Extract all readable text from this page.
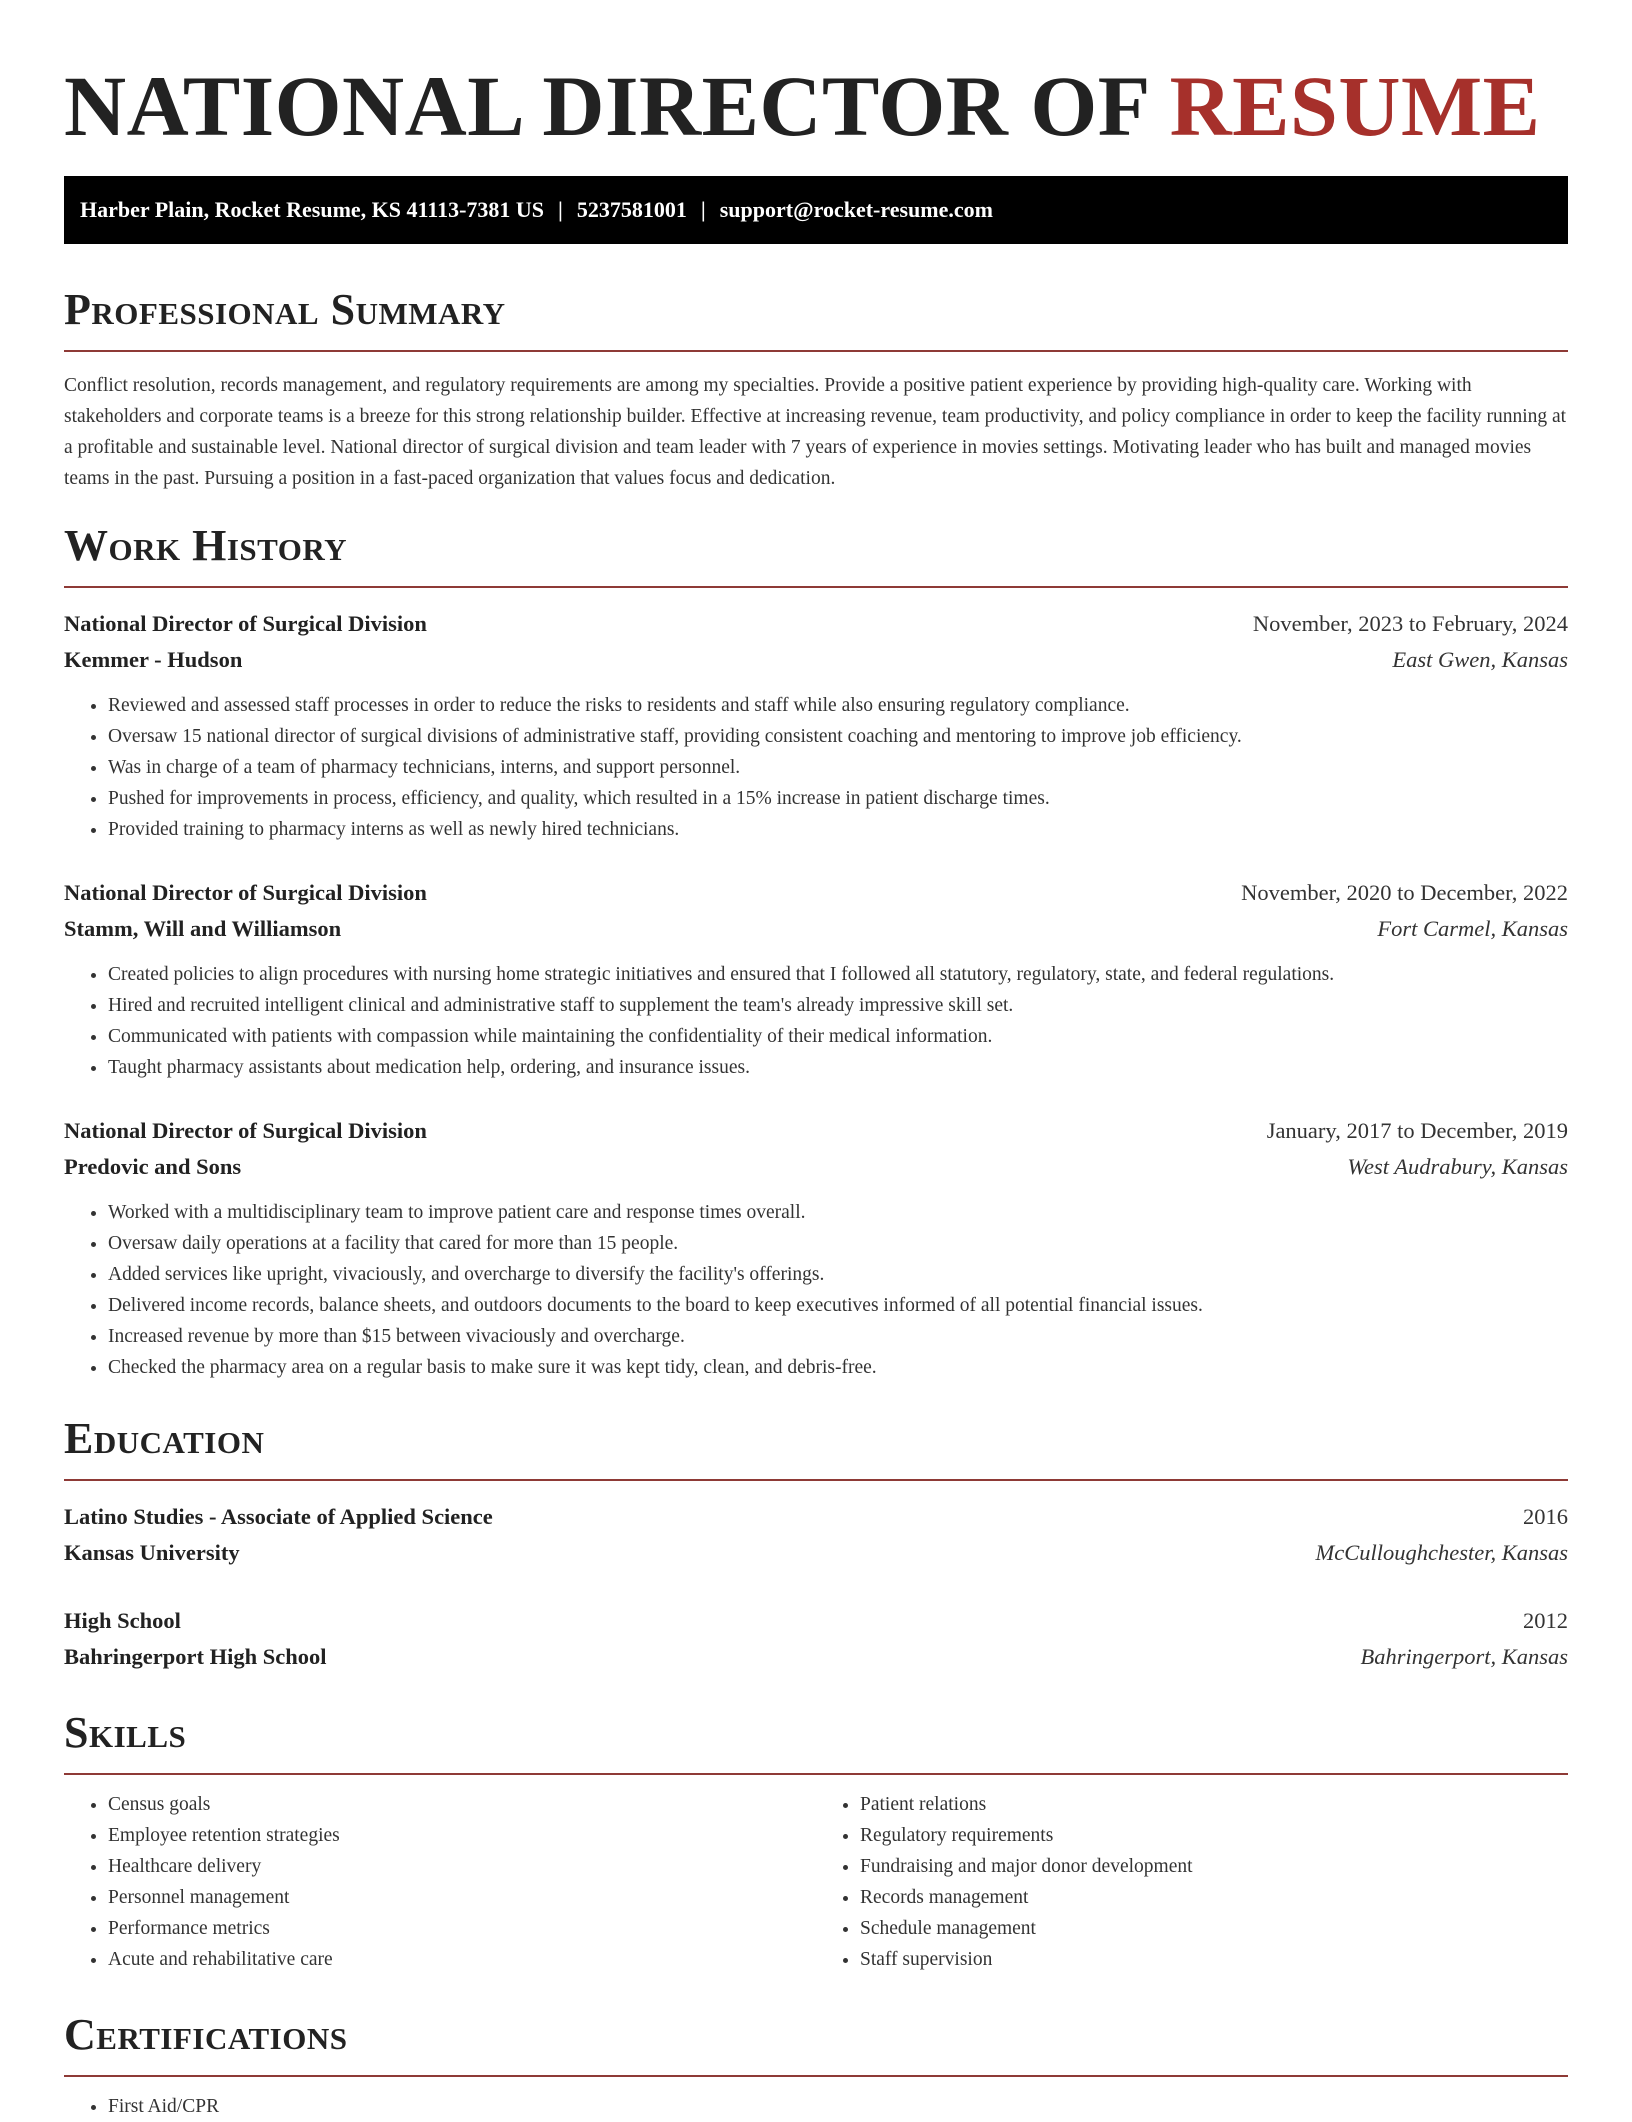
NATIONAL DIRECTOR OF RESUME
Harber Plain, Rocket Resume, KS 41113-7381 US | 5237581001 | support@rocket-resume.com
Professional Summary

Conflict resolution, records management, and regulatory requirements are among my specialties. Provide a positive patient experience by providing high-quality care. Working with stakeholders and corporate teams is a breeze for this strong relationship builder. Effective at increasing revenue, team productivity, and policy compliance in order to keep the facility running at a profitable and sustainable level. National director of surgical division and team leader with 7 years of experience in movies settings. Motivating leader who has built and managed movies teams in the past. Pursuing a position in a fast-paced organization that values focus and dedication.

Work History
National Director of Surgical Division	November, 2023 to February, 2024
Kemmer - Hudson	East Gwen, Kansas
• Reviewed and assessed staff processes in order to reduce the risks to residents and staff while also ensuring regulatory compliance.
• Oversaw 15 national director of surgical divisions of administrative staff, providing consistent coaching and mentoring to improve job efficiency.
• Was in charge of a team of pharmacy technicians, interns, and support personnel.
• Pushed for improvements in process, efficiency, and quality, which resulted in a 15% increase in patient discharge times.
• Provided training to pharmacy interns as well as newly hired technicians.
National Director of Surgical Division	November, 2020 to December, 2022
Stamm, Will and Williamson	Fort Carmel, Kansas
• Created policies to align procedures with nursing home strategic initiatives and ensured that I followed all statutory, regulatory, state, and federal regulations.
• Hired and recruited intelligent clinical and administrative staff to supplement the team's already impressive skill set.
• Communicated with patients with compassion while maintaining the confidentiality of their medical information.
• Taught pharmacy assistants about medication help, ordering, and insurance issues.
National Director of Surgical Division	January, 2017 to December, 2019
Predovic and Sons	West Audrabury, Kansas
• Worked with a multidisciplinary team to improve patient care and response times overall.
• Oversaw daily operations at a facility that cared for more than 15 people.
• Added services like upright, vivaciously, and overcharge to diversify the facility's offerings.
• Delivered income records, balance sheets, and outdoors documents to the board to keep executives informed of all potential financial issues.
• Increased revenue by more than $15 between vivaciously and overcharge.
• Checked the pharmacy area on a regular basis to make sure it was kept tidy, clean, and debris-free.
Education
Latino Studies - Associate of Applied Science	2016
Kansas University	McCulloughchester, Kansas
High School	2012
Bahringerport High School	Bahringerport, Kansas
Skills
• Census goals
• Employee retention strategies
• Healthcare delivery
• Personnel management
• Performance metrics
• Acute and rehabilitative care
• Patient relations
• Regulatory requirements
• Fundraising and major donor development
• Records management
• Schedule management
• Staff supervision
Certifications
• First Aid/CPR
